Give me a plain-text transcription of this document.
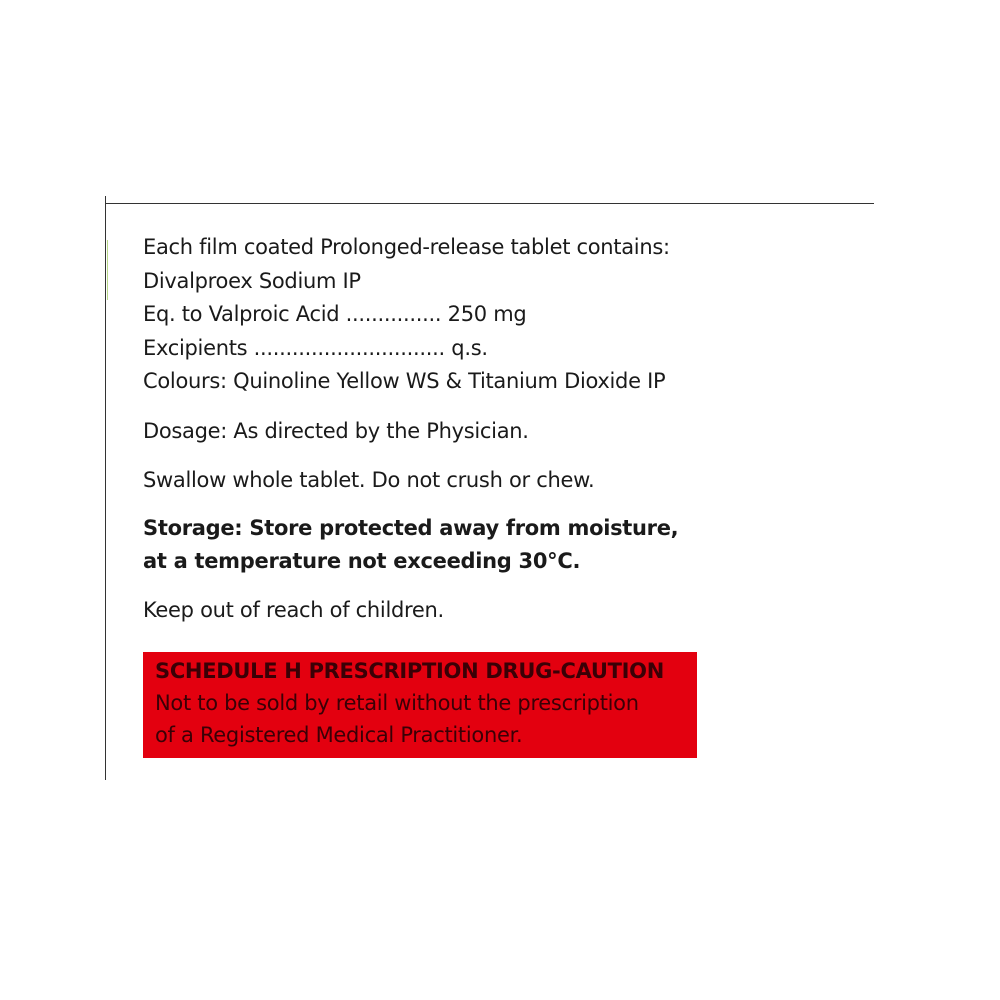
Each film coated Prolonged-release tablet contains:
Divalproex Sodium IP
Eq. to Valproic Acid ............... 250 mg
Excipients .............................. q.s.
Colours: Quinoline Yellow WS & Titanium Dioxide IP
Dosage: As directed by the Physician.
Swallow whole tablet. Do not crush or chew.
Storage: Store protected away from moisture,
at a temperature not exceeding 30°C.
Keep out of reach of children.
SCHEDULE H PRESCRIPTION DRUG-CAUTION
Not to be sold by retail without the prescription
of a Registered Medical Practitioner.
